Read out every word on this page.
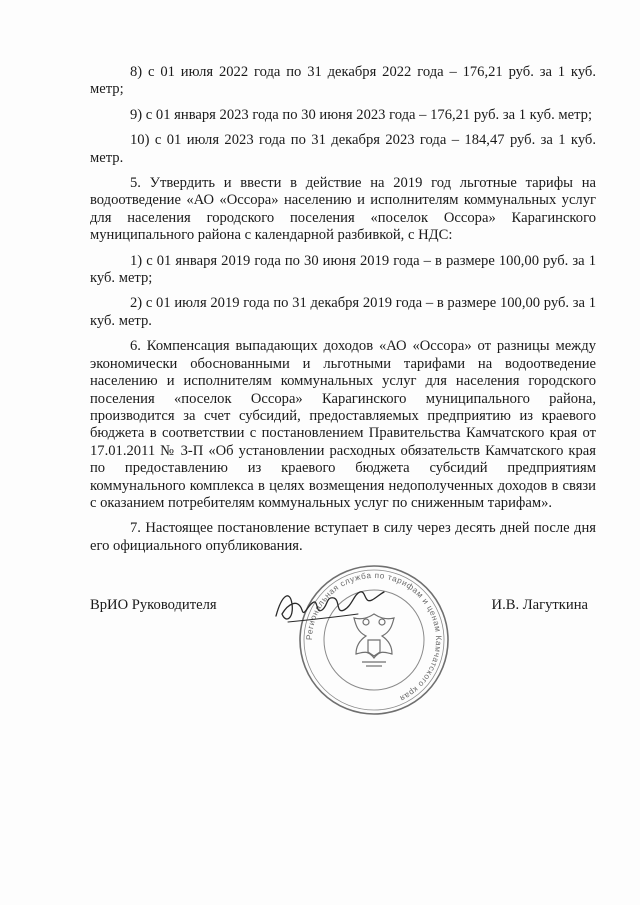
8) с 01 июля 2022 года по 31 декабря 2022 года – 176,21 руб. за 1 куб. метр;

9) с 01 января 2023 года по 30 июня 2023 года – 176,21 руб. за 1 куб. метр;

10) с 01 июля 2023 года по 31 декабря 2023 года – 184,47 руб. за 1 куб. метр.

5. Утвердить и ввести в действие на 2019 год льготные тарифы на водоотведение «АО «Оссора» населению и исполнителям коммунальных услуг для населения городского поселения «поселок Оссора» Карагинского муниципального района с календарной разбивкой, с НДС:

1) с 01 января 2019 года по 30 июня 2019 года – в размере 100,00 руб. за 1 куб. метр;

2) с 01 июля 2019 года по 31 декабря 2019 года – в размере 100,00 руб. за 1 куб. метр.

6. Компенсация выпадающих доходов «АО «Оссора» от разницы между экономически обоснованными и льготными тарифами на водоотведение населению и исполнителям коммунальных услуг для населения городского поселения «поселок Оссора» Карагинского муниципального района, производится за счет субсидий, предоставляемых предприятию из краевого бюджета в соответствии с постановлением Правительства Камчатского края от 17.01.2011 № 3-П «Об установлении расходных обязательств Камчатского края по предоставлению из краевого бюджета субсидий предприятиям коммунального комплекса в целях возмещения недополученных доходов в связи с оказанием потребителям коммунальных услуг по сниженным тарифам».

7. Настоящее постановление вступает в силу через десять дней после дня его официального опубликования.

Региональная служба по тарифам и ценам Камчатского края
ВрИО Руководителя	И.В. Лагуткина
